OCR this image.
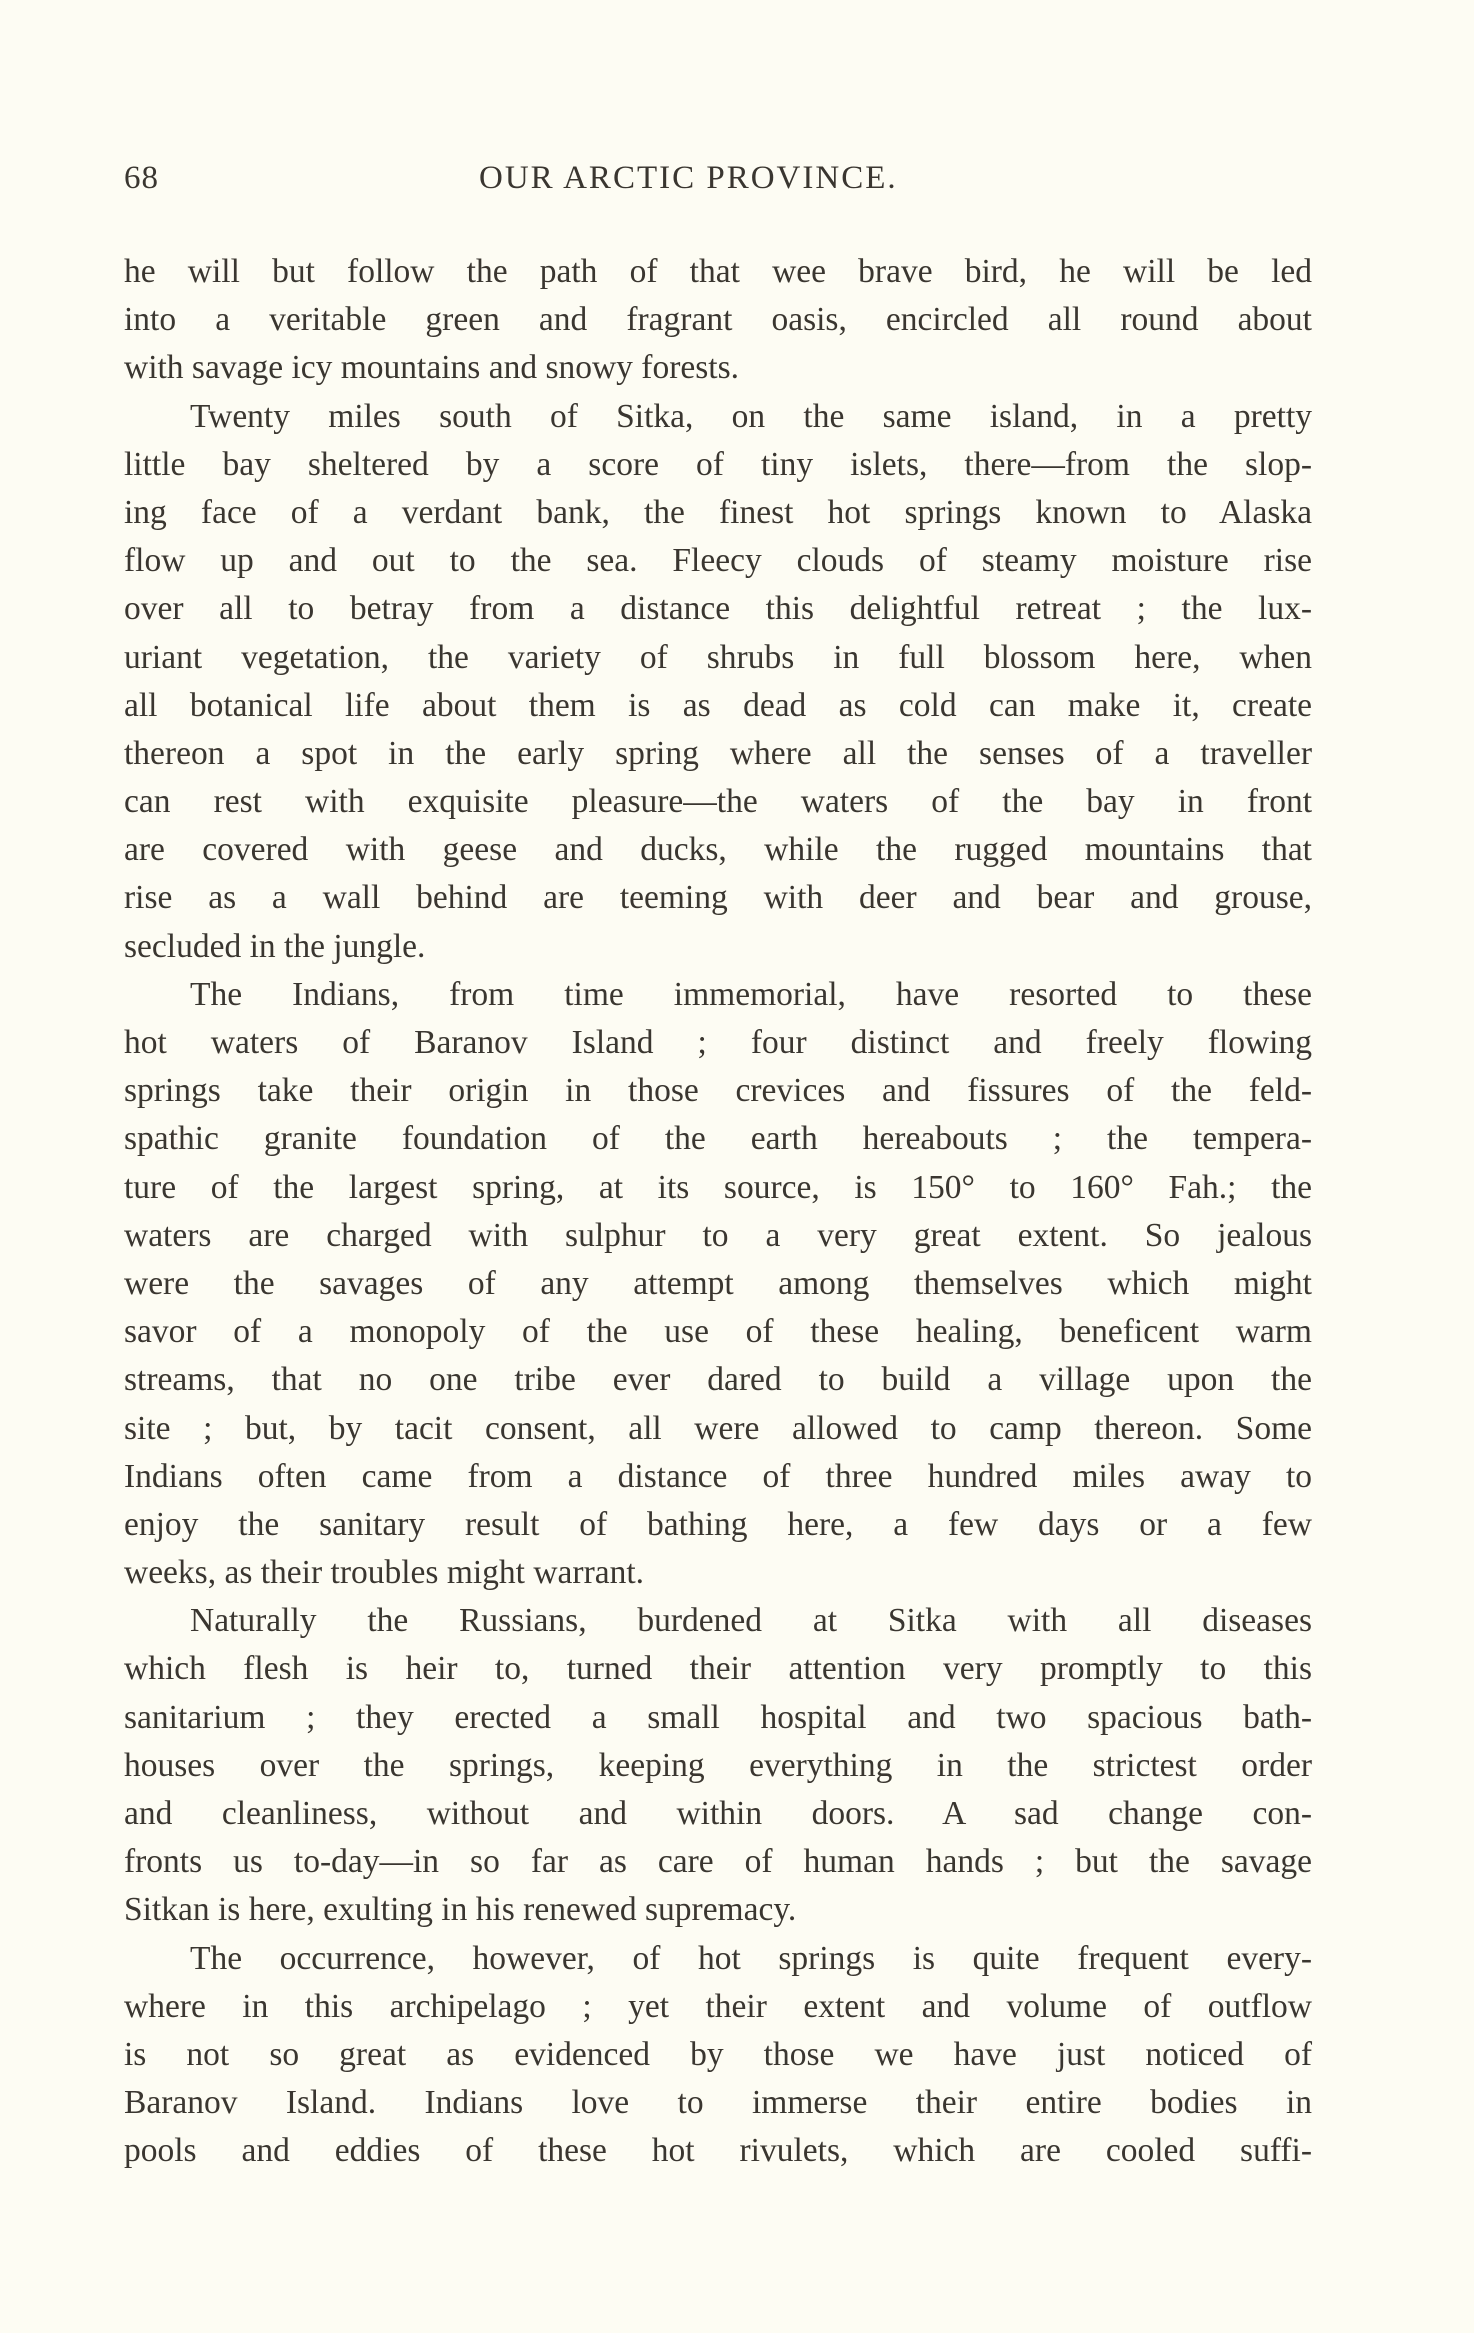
68	OUR ARCTIC PROVINCE.
he will but follow the path of that wee brave bird, he will be led
into a veritable green and fragrant oasis, encircled all round about
with savage icy mountains and snowy forests.
Twenty miles south of Sitka, on the same island, in a pretty
little bay sheltered by a score of tiny islets, there—from the slop-
ing face of a verdant bank, the finest hot springs known to Alaska
flow up and out to the sea. Fleecy clouds of steamy moisture rise
over all to betray from a distance this delightful retreat ; the lux-
uriant vegetation, the variety of shrubs in full blossom here, when
all botanical life about them is as dead as cold can make it, create
thereon a spot in the early spring where all the senses of a traveller
can rest with exquisite pleasure—the waters of the bay in front
are covered with geese and ducks, while the rugged mountains that
rise as a wall behind are teeming with deer and bear and grouse,
secluded in the jungle.
The Indians, from time immemorial, have resorted to these
hot waters of Baranov Island ; four distinct and freely flowing
springs take their origin in those crevices and fissures of the feld-
spathic granite foundation of the earth hereabouts ; the tempera-
ture of the largest spring, at its source, is 150° to 160° Fah.; the
waters are charged with sulphur to a very great extent. So jealous
were the savages of any attempt among themselves which might
savor of a monopoly of the use of these healing, beneficent warm
streams, that no one tribe ever dared to build a village upon the
site ; but, by tacit consent, all were allowed to camp thereon. Some
Indians often came from a distance of three hundred miles away to
enjoy the sanitary result of bathing here, a few days or a few
weeks, as their troubles might warrant.
Naturally the Russians, burdened at Sitka with all diseases
which flesh is heir to, turned their attention very promptly to this
sanitarium ; they erected a small hospital and two spacious bath-
houses over the springs, keeping everything in the strictest order
and cleanliness, without and within doors. A sad change con-
fronts us to-day—in so far as care of human hands ; but the savage
Sitkan is here, exulting in his renewed supremacy.
The occurrence, however, of hot springs is quite frequent every-
where in this archipelago ; yet their extent and volume of outflow
is not so great as evidenced by those we have just noticed of
Baranov Island. Indians love to immerse their entire bodies in
pools and eddies of these hot rivulets, which are cooled suffi-
